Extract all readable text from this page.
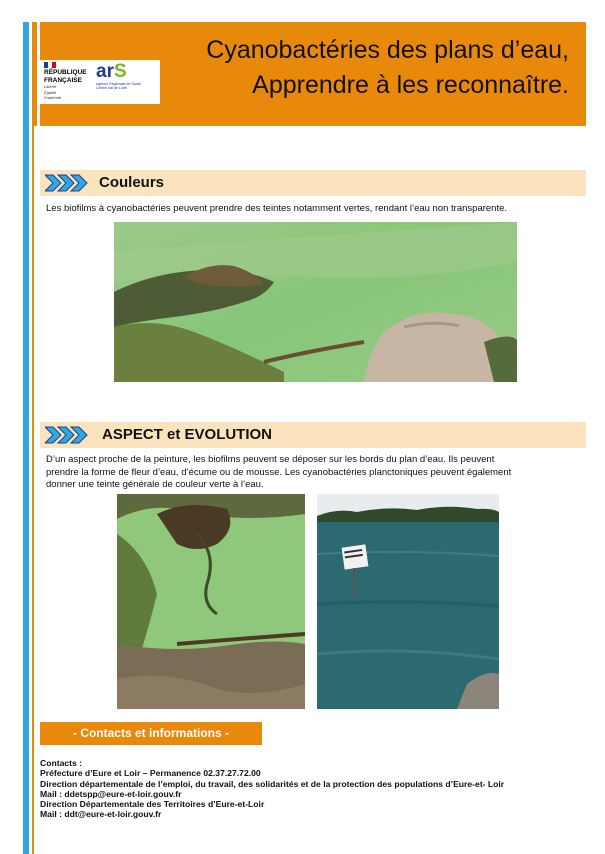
RÉPUBLIQUE
FRANÇAISE
Liberté
Égalité
Fraternité
arS
Agence Régionale de Santé
Centre-Val de Loire
Cyanobactéries des plans d’eau,
Apprendre à les reconnaître.
Couleurs
Les biofilms à cyanobactéries peuvent prendre des teintes notamment vertes, rendant l’eau non transparente.
ASPECT et EVOLUTION
D’un aspect proche de la peinture, les biofilms peuvent se déposer sur les bords du plan d’eau. Ils peuvent
prendre la forme de fleur d’eau, d’écume ou de mousse. Les cyanobactéries planctoniques peuvent également
donner une teinte générale de couleur verte à l’eau.
- Contacts et informations -
Contacts :
Préfecture d’Eure et Loir – Permanence 02.37.27.72.00
Direction départementale de l’emploi, du travail, des solidarités et de la protection des populations d’Eure-et- Loir
Mail : ddetspp@eure-et-loir.gouv.fr
Direction Départementale des Territoires d’Eure-et-Loir
Mail : ddt@eure-et-loir.gouv.fr
